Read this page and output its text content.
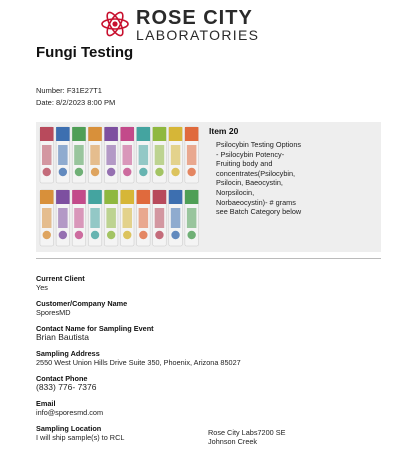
ROSE CITY
LABORATORIES
Fungi Testing
Number: F31E27T1
Date: 8/2/2023 8:00 PM
Item 20
Psilocybin Testing Options - Psilocybin Potency- Fruiting body and concentrates(Psilocybin, Psilocin, Baeocystin, Norpsilocin, Norbaeocystin)- # grams see Batch Category below
Current Client
Yes
Customer/Company Name
SporesMD
Contact Name for Sampling Event
Brian Bautista
Sampling Address
2550 West Union Hills Drive Suite 350, Phoenix, Arizona 85027
Contact Phone
(833) 776- 7376
Email
info@sporesmd.com
Sampling Location
I will ship sample(s) to RCL
Rose City Labs7200 SE Johnson Creek
